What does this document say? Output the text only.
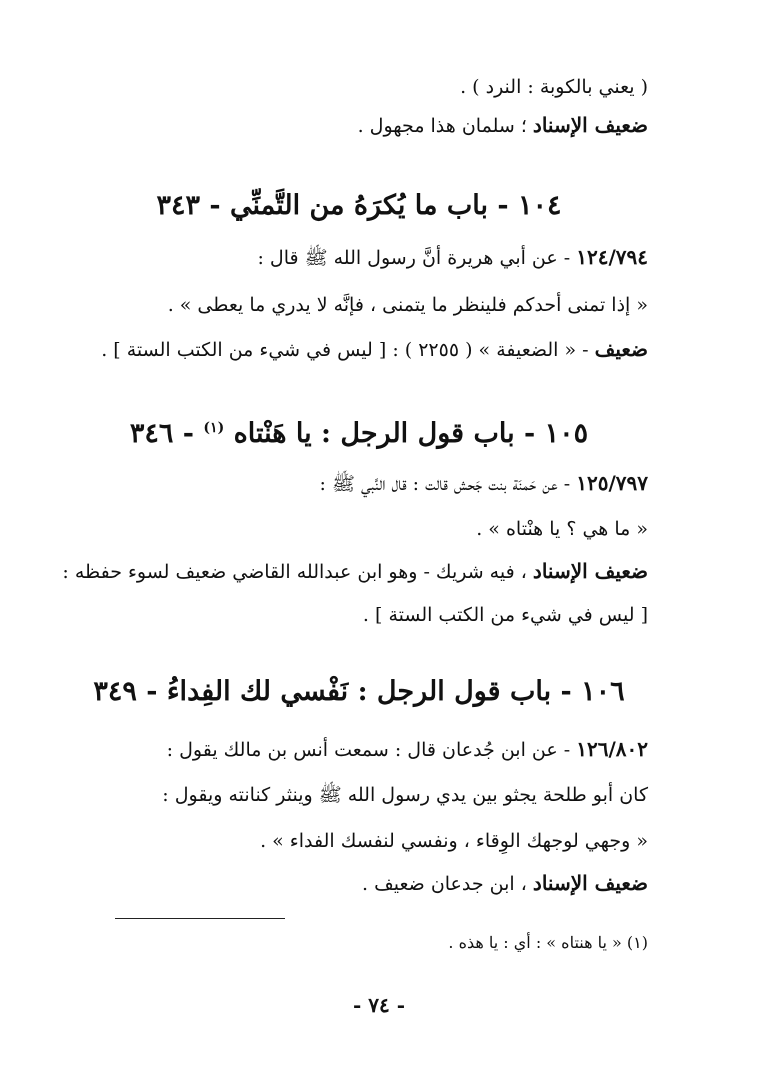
( يعني بالكوبة : النرد ) .
ضعيف الإسناد ؛ سلمان هذا مجهول .
١٠٤ - باب ما يُكرَهُ من التَّمنِّي - ٣٤٣
١٢٤/٧٩٤ - عن أبي هريرة أنَّ رسول الله ﷺ قال :
« إذا تمنى أحدكم فلينظر ما يتمنى ، فإنَّه لا يدري ما يعطى » .
ضعيف - « الضعيفة » ( ٢٢٥٥ ) : [ ليس في شيء من الكتب الستة ] .
١٠٥ - باب قول الرجل : يا هَنْتاه $^{(١)}$ - ٣٤٦
١٢٥/٧٩٧ - عن حَمنَة بنت جَحش قالت : قال النَّبي ﷺ :
« ما هي ؟ يا هنْتاه » .
ضعيف الإسناد ، فيه شريك - وهو ابن عبدالله القاضي ضعيف لسوء حفظه :
[ ليس في شيء من الكتب الستة ] .
١٠٦ - باب قول الرجل : نَفْسي لك الفِداءُ - ٣٤٩
١٢٦/٨٠٢ - عن ابن جُدعان قال : سمعت أنس بن مالك يقول :
كان أبو طلحة يجثو بين يدي رسول الله ﷺ وينثر كنانته ويقول :
« وجهي لوجهك الوِقاء ، ونفسي لنفسك الفداء » .
ضعيف الإسناد ، ابن جدعان ضعيف .
(١) « يا هنتاه » : أي : يا هذه .
- ٧٤ -
